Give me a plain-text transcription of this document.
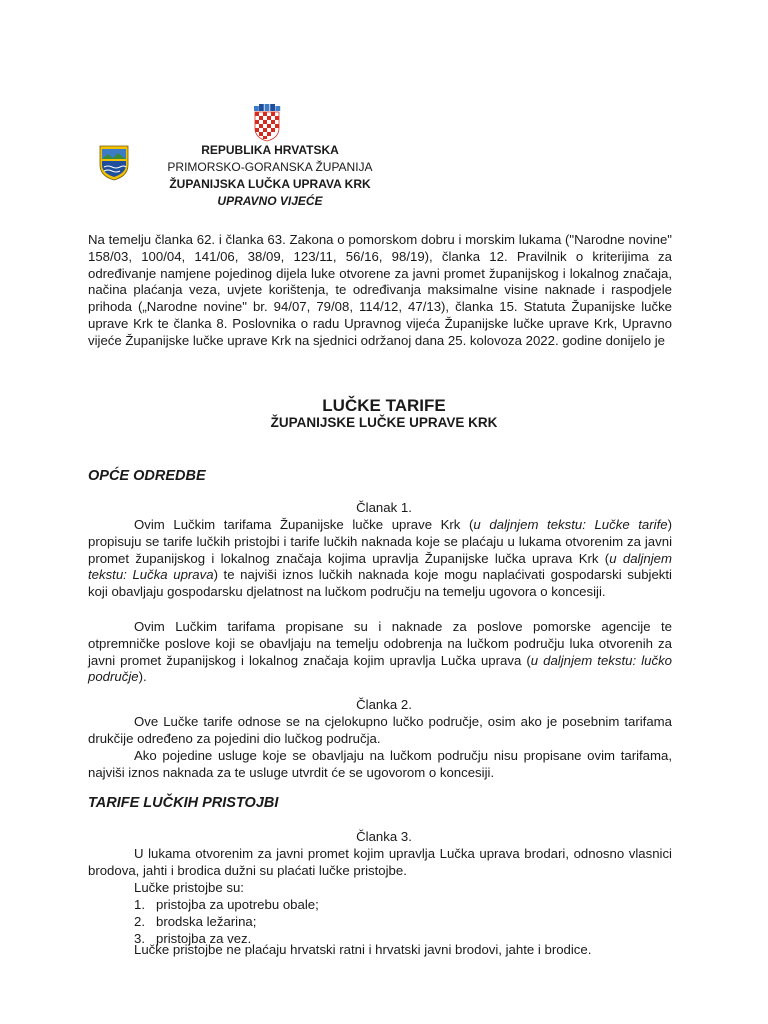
REPUBLIKA HRVATSKA
PRIMORSKO-GORANSKA ŽUPANIJA
ŽUPANIJSKA LUČKA UPRAVA KRK
UPRAVNO VIJEĆE
Na temelju članka 62. i članka 63. Zakona o pomorskom dobru i morskim lukama ("Narodne novine" 158/03, 100/04, 141/06, 38/09, 123/11, 56/16, 98/19), članka 12. Pravilnik o kriterijima za određivanje namjene pojedinog dijela luke otvorene za javni promet županijskog i lokalnog značaja, načina plaćanja veza, uvjete korištenja, te određivanja maksimalne visine naknade i raspodjele prihoda („Narodne novine" br. 94/07, 79/08, 114/12, 47/13), članka 15. Statuta Županijske lučke uprave Krk te članka 8. Poslovnika o radu Upravnog vijeća Županijske lučke uprave Krk, Upravno vijeće Županijske lučke uprave Krk na sjednici održanoj dana 25. kolovoza 2022. godine donijelo je
LUČKE TARIFE
ŽUPANIJSKE LUČKE UPRAVE KRK
OPĆE ODREDBE
Članak 1.

Ovim Lučkim tarifama Županijske lučke uprave Krk (u daljnjem tekstu: Lučke tarife) propisuju se tarife lučkih pristojbi i tarife lučkih naknada koje se plaćaju u lukama otvorenim za javni promet županijskog i lokalnog značaja kojima upravlja Županijske lučka uprava Krk (u daljnjem tekstu: Lučka uprava) te najviši iznos lučkih naknada koje mogu naplaćivati gospodarski subjekti koji obavljaju gospodarsku djelatnost na lučkom području na temelju ugovora o koncesiji.

Ovim Lučkim tarifama propisane su i naknade za poslove pomorske agencije te otpremničke poslove koji se obavljaju na temelju odobrenja na lučkom području luka otvorenih za javni promet županijskog i lokalnog značaja kojim upravlja Lučka uprava (u daljnjem tekstu: lučko područje).

Članka 2.

Ove Lučke tarife odnose se na cjelokupno lučko područje, osim ako je posebnim tarifama drukčije određeno za pojedini dio lučkog područja.

Ako pojedine usluge koje se obavljaju na lučkom području nisu propisane ovim tarifama, najviši iznos naknada za te usluge utvrdit će se ugovorom o koncesiji.

TARIFE LUČKIH PRISTOJBI
Članka 3.

U lukama otvorenim za javni promet kojim upravlja Lučka uprava brodari, odnosno vlasnici brodova, jahti i brodica dužni su plaćati lučke pristojbe.

Lučke pristojbe su:
1. pristojba za upotrebu obale;
2. brodska ležarina;
3. pristojba za vez.
Lučke pristojbe ne plaćaju hrvatski ratni i hrvatski javni brodovi, jahte i brodice.
